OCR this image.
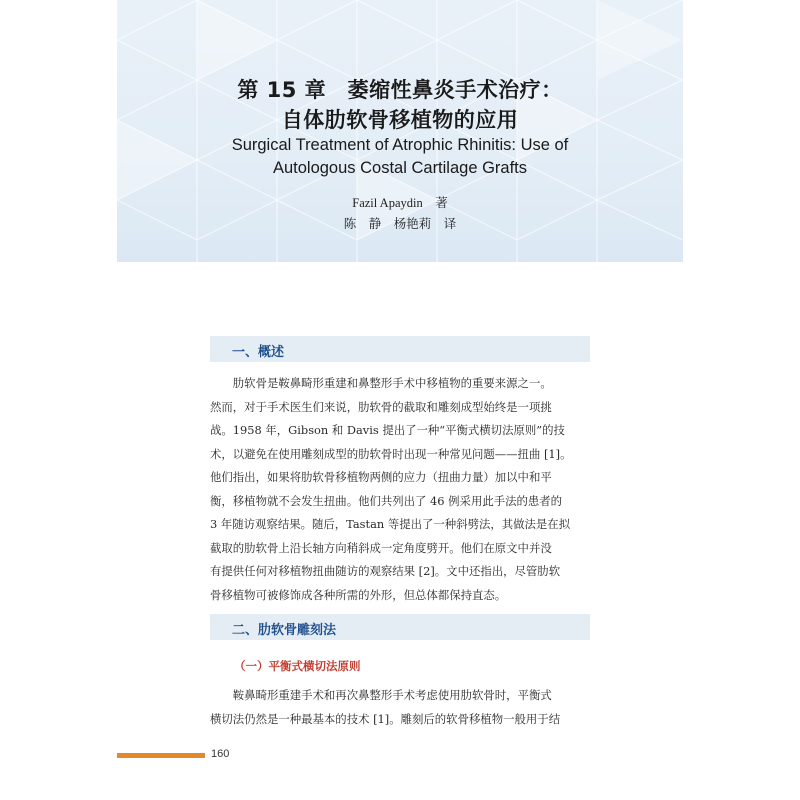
第 15 章　萎缩性鼻炎手术治疗：
自体肋软骨移植物的应用
Surgical Treatment of Atrophic Rhinitis: Use of
Autologous Costal Cartilage Grafts
Fazil Apaydin　著
陈　静　杨艳莉　译
一、概述
　　肋软骨是鞍鼻畸形重建和鼻整形手术中移植物的重要来源之一。
然而，对于手术医生们来说，肋软骨的截取和雕刻成型始终是一项挑
战。1958 年，Gibson 和 Davis 提出了一种“平衡式横切法原则”的技
术，以避免在使用雕刻成型的肋软骨时出现一种常见问题——扭曲 [1]。
他们指出，如果将肋软骨移植物两侧的应力（扭曲力量）加以中和平
衡，移植物就不会发生扭曲。他们共列出了 46 例采用此手法的患者的
3 年随访观察结果。随后，Tastan 等提出了一种斜劈法，其做法是在拟
截取的肋软骨上沿长轴方向稍斜成一定角度劈开。他们在原文中并没
有提供任何对移植物扭曲随访的观察结果 [2]。文中还指出，尽管肋软
骨移植物可被修饰成各种所需的外形，但总体都保持直态。
二、肋软骨雕刻法
（一）平衡式横切法原则
　　鞍鼻畸形重建手术和再次鼻整形手术考虑使用肋软骨时，平衡式
横切法仍然是一种最基本的技术 [1]。雕刻后的软骨移植物一般用于结
160
